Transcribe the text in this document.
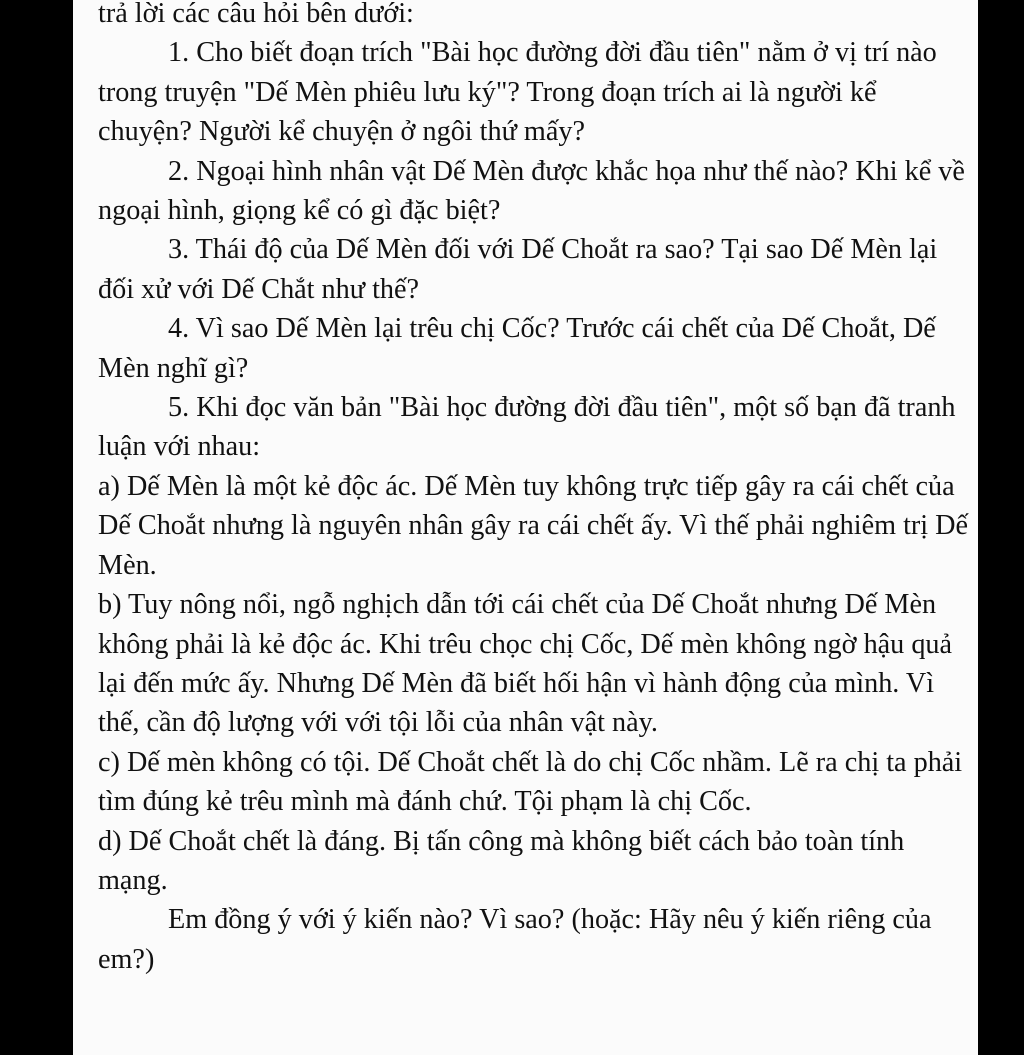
trả lời các câu hỏi bên dưới:

1. Cho biết đoạn trích "Bài học đường đời đầu tiên" nằm ở vị trí nào trong truyện "Dế Mèn phiêu lưu ký"? Trong đoạn trích ai là người kể chuyện? Người kể chuyện ở ngôi thứ mấy?

2. Ngoại hình nhân vật Dế Mèn được khắc họa như thế nào? Khi kể về ngoại hình, giọng kể có gì đặc biệt?

3. Thái độ của Dế Mèn đối với Dế Choắt ra sao? Tại sao Dế Mèn lại đối xử với Dế Chắt như thế?

4. Vì sao Dế Mèn lại trêu chị Cốc? Trước cái chết của Dế Choắt, Dế Mèn nghĩ gì?

5. Khi đọc văn bản "Bài học đường đời đầu tiên", một số bạn đã tranh luận với nhau:

a) Dế Mèn là một kẻ độc ác. Dế Mèn tuy không trực tiếp gây ra cái chết của Dế Choắt nhưng là nguyên nhân gây ra cái chết ấy. Vì thế phải nghiêm trị Dế Mèn.

b) Tuy nông nổi, ngỗ nghịch dẫn tới cái chết của Dế Choắt nhưng Dế Mèn không phải là kẻ độc ác. Khi trêu chọc chị Cốc, Dế mèn không ngờ hậu quả lại đến mức ấy. Nhưng Dế Mèn đã biết hối hận vì hành động của mình. Vì thế, cần độ lượng với với tội lỗi của nhân vật này.

c) Dế mèn không có tội. Dế Choắt chết là do chị Cốc nhầm. Lẽ ra chị ta phải tìm đúng kẻ trêu mình mà đánh chứ. Tội phạm là chị Cốc.

d) Dế Choắt chết là đáng. Bị tấn công mà không biết cách bảo toàn tính mạng.

Em đồng ý với ý kiến nào? Vì sao? (hoặc: Hãy nêu ý kiến riêng của em?)
